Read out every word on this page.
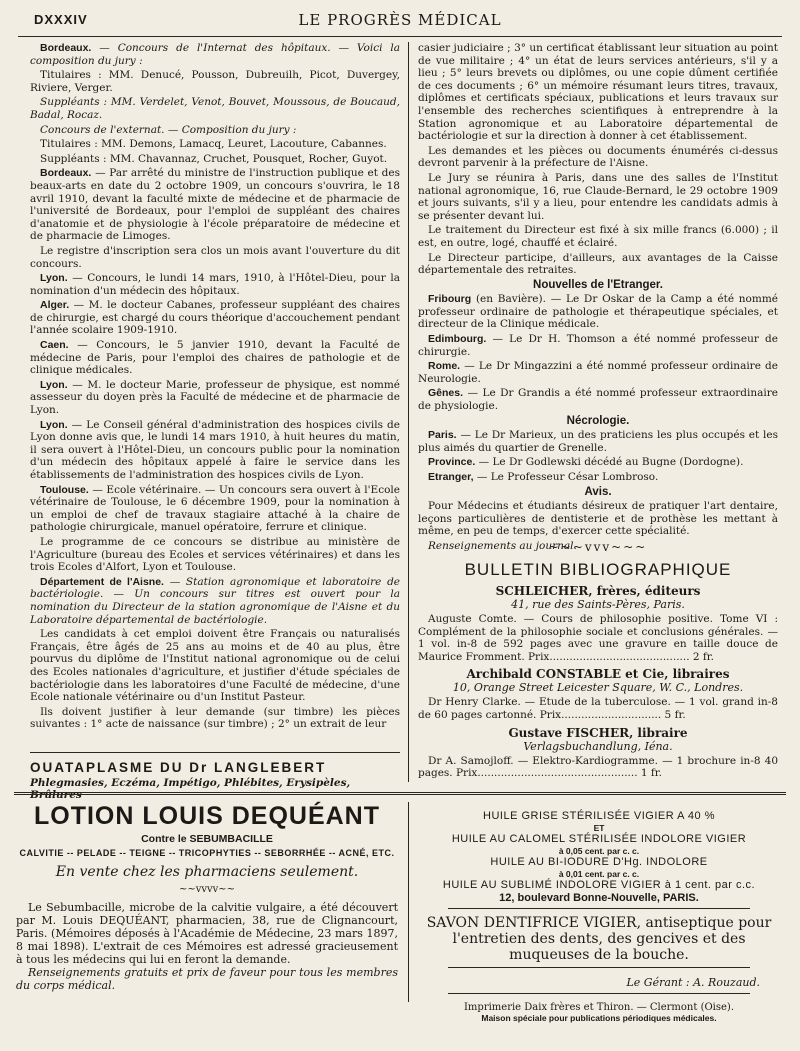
DXXXIV	LE PROGRÈS MÉDICAL

Bordeaux. — Concours de l'Internat des hôpitaux. — Voici la composition du jury :

Titulaires : MM. Denucé, Pousson, Dubreuilh, Picot, Duvergey, Riviere, Verger.

Suppléants : MM. Verdelet, Venot, Bouvet, Moussous, de Boucaud, Badal, Rocaz.

Concours de l'externat. — Composition du jury :

Titulaires : MM. Demons, Lamacq, Leuret, Lacouture, Cabannes.

Suppléants : MM. Chavannaz, Cruchet, Pousquet, Rocher, Guyot.

Bordeaux. — Par arrêté du ministre de l'instruction publique et des beaux-arts en date du 2 octobre 1909, un concours s'ouvrira, le 18 avril 1910, devant la faculté mixte de médecine et de pharmacie de l'université de Bordeaux, pour l'emploi de suppléant des chaires d'anatomie et de physiologie à l'école préparatoire de médecine et de pharmacie de Limoges.

Le registre d'inscription sera clos un mois avant l'ouverture du dit concours.

Lyon. — Concours, le lundi 14 mars, 1910, à l'Hôtel-Dieu, pour la nomination d'un médecin des hôpitaux.

Alger. — M. le docteur Cabanes, professeur suppléant des chaires de chirurgie, est chargé du cours théorique d'accouchement pendant l'année scolaire 1909-1910.

Caen. — Concours, le 5 janvier 1910, devant la Faculté de médecine de Paris, pour l'emploi des chaires de pathologie et de clinique médicales.

Lyon. — M. le docteur Marie, professeur de physique, est nommé assesseur du doyen près la Faculté de médecine et de pharmacie de Lyon.

Lyon. — Le Conseil général d'administration des hospices civils de Lyon donne avis que, le lundi 14 mars 1910, à huit heures du matin, il sera ouvert à l'Hôtel-Dieu, un concours public pour la nomination d'un médecin des hôpitaux appelé à faire le service dans les établissements de l'administration des hospices civils de Lyon.

Toulouse. — Ecole vétérinaire. — Un concours sera ouvert à l'Ecole vétérinaire de Toulouse, le 6 décembre 1909, pour la nomination à un emploi de chef de travaux stagiaire attaché à la chaire de pathologie chirurgicale, manuel opératoire, ferrure et clinique.

Le programme de ce concours se distribue au ministère de l'Agriculture (bureau des Ecoles et services vétérinaires) et dans les trois Ecoles d'Alfort, Lyon et Toulouse.

Département de l'Aisne. — Station agronomique et laboratoire de bactériologie. — Un concours sur titres est ouvert pour la nomination du Directeur de la station agronomique de l'Aisne et du Laboratoire départemental de bactériologie.

Les candidats à cet emploi doivent être Français ou naturalisés Français, être âgés de 25 ans au moins et de 40 au plus, être pourvus du diplôme de l'Institut national agronomique ou de celui des Ecoles nationales d'agriculture, et justifier d'étude spéciales de bactériologie dans les laboratoires d'une Faculté de médecine, d'une Ecole nationale vétérinaire ou d'un Institut Pasteur.

Ils doivent justifier à leur demande (sur timbre) les pièces suivantes : 1° acte de naissance (sur timbre) ; 2° un extrait de leur

casier judiciaire ; 3° un certificat établissant leur situation au point de vue militaire ; 4° un état de leurs services antérieurs, s'il y a lieu ; 5° leurs brevets ou diplômes, ou une copie dûment certifiée de ces documents ; 6° un mémoire résumant leurs titres, travaux, diplômes et certificats spéciaux, publications et leurs travaux sur l'ensemble des recherches scientifiques à entreprendre à la Station agronomique et au Laboratoire départemental de bactériologie et sur la direction à donner à cet établissement.

Les demandes et les pièces ou documents énumérés ci-dessus devront parvenir à la préfecture de l'Aisne.

Le Jury se réunira à Paris, dans une des salles de l'Institut national agronomique, 16, rue Claude-Bernard, le 29 octobre 1909 et jours suivants, s'il y a lieu, pour entendre les candidats admis à se présenter devant lui.

Le traitement du Directeur est fixé à six mille francs (6.000) ; il est, en outre, logé, chauffé et éclairé.

Le Directeur participe, d'ailleurs, aux avantages de la Caisse départementale des retraites.

Nouvelles de l'Etranger.

Fribourg (en Bavière). — Le Dr Oskar de la Camp a été nommé professeur ordinaire de pathologie et thérapeutique spéciales, et directeur de la Clinique médicale.

Edimbourg. — Le Dr H. Thomson a été nommé professeur de chirurgie.

Rome. — Le Dr Mingazzini a été nommé professeur ordinaire de Neurologie.

Gênes. — Le Dr Grandis a été nommé professeur extraordinaire de physiologie.

Nécrologie.

Paris. — Le Dr Marieux, un des praticiens les plus occupés et les plus aimés du quartier de Grenelle.

Province. — Le Dr Godlewski décédé au Bugne (Dordogne).

Etranger, — Le Professeur César Lombroso.

Avis.

Pour Médecins et étudiants désireux de pratiquer l'art dentaire, leçons particulières de dentisterie et de prothèse les mettant à même, en peu de temps, d'exercer cette spécialité.

Renseignements au journal.

~~~vvv~~~
BULLETIN BIBLIOGRAPHIQUE
SCHLEICHER, frères, éditeurs
41, rue des Saints-Pères, Paris.
Auguste Comte. — Cours de philosophie positive. Tome VI : Complément de la philosophie sociale et conclusions générales. — 1 vol. in-8 de 592 pages avec une gravure en taille douce de Maurice Fromment. Prix.......................................... 2 fr.
Archibald CONSTABLE et Cie, libraires
10, Orange Street Leicester Square, W. C., Londres.
Dr Henry Clarke. — Etude de la tuberculose. — 1 vol. grand in-8 de 60 pages cartonné. Prix.............................. 5 fr.
Gustave FISCHER, libraire
Verlagsbuchandlung, Iéna.
Dr A. Samojloff. — Elektro-Kardiogramme. — 1 brochure in-8 40 pages. Prix................................................ 1 fr.
OUATAPLASME DU Dr LANGLEBERT
Phlegmasies, Eczéma, Impétigo, Phlébites, Erysipèles, Brûlures
LOTION LOUIS DEQUÉANT
Contre le SEBUMBACILLE
CALVITIE -- PELADE -- TEIGNE -- TRICOPHYTIES -- SEBORRHÉE -- ACNÉ, ETC.
En vente chez les pharmaciens seulement.
~~vvvv~~
Le Sebumbacille, microbe de la calvitie vulgaire, a été découvert par M. Louis DEQUÉANT, pharmacien, 38, rue de Clignancourt, Paris. (Mémoires déposés à l'Académie de Médecine, 23 mars 1897, 8 mai 1898). L'extrait de ces Mémoires est adressé gracieusement à tous les médecins qui lui en feront la demande.
Renseignements gratuits et prix de faveur pour tous les membres du corps médical.
HUILE GRISE STÉRILISÉE VIGIER A 40 %
ET
HUILE AU CALOMEL STÉRILISÉE INDOLORE VIGIER
à 0,05 cent. par c. c.
HUILE AU BI-IODURE D'Hg. INDOLORE
à 0,01 cent. par c. c.
HUILE AU SUBLIMÉ INDOLORE VIGIER à 1 cent. par c.c.
12, boulevard Bonne-Nouvelle, PARIS.
SAVON DENTIFRICE VIGIER, antiseptique pour l'entretien des dents, des gencives et des muqueuses de la bouche.
Le Gérant : A. Rouzaud.
Imprimerie Daix frères et Thiron. — Clermont (Oise).
Maison spéciale pour publications périodiques médicales.
